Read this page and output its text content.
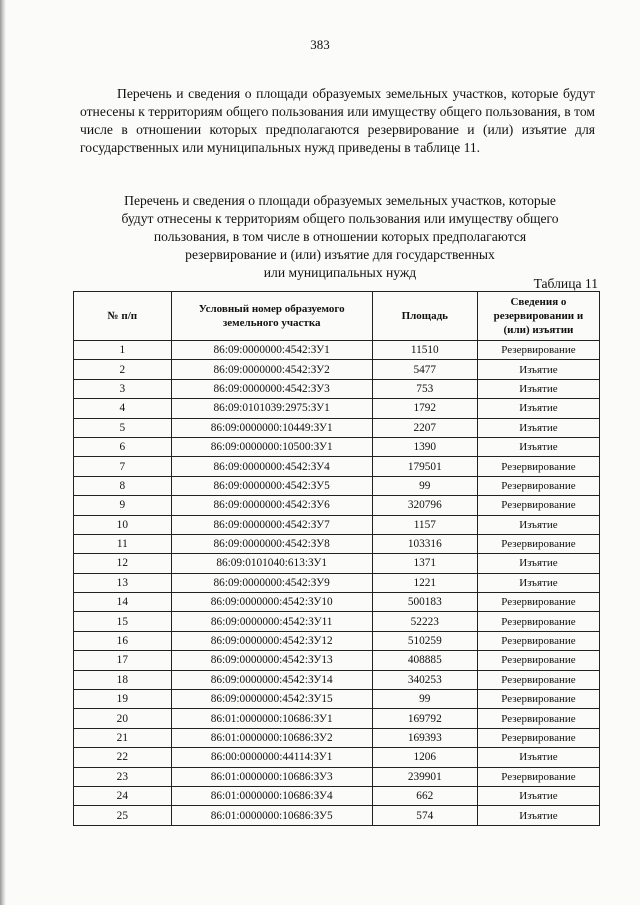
383

Перечень и сведения о площади образуемых земельных участков, которые будут отнесены к территориям общего пользования или имуществу общего пользования, в том числе в отношении которых предполагаются резервирование и (или) изъятие для государственных или муниципальных нужд приведены в таблице 11.

Перечень и сведения о площади образуемых земельных участков, которые
будут отнесены к территориям общего пользования или имуществу общего
пользования, в том числе в отношении которых предполагаются
резервирование и (или) изъятие для государственных
или муниципальных нужд
Таблица 11
№ п/п	Условный номер образуемого земельного участка	Площадь	Сведения о резервировании и (или) изъятии
1	86:09:0000000:4542:ЗУ1	11510	Резервирование
2	86:09:0000000:4542:ЗУ2	5477	Изъятие
3	86:09:0000000:4542:ЗУ3	753	Изъятие
4	86:09:0101039:2975:ЗУ1	1792	Изъятие
5	86:09:0000000:10449:ЗУ1	2207	Изъятие
6	86:09:0000000:10500:ЗУ1	1390	Изъятие
7	86:09:0000000:4542:ЗУ4	179501	Резервирование
8	86:09:0000000:4542:ЗУ5	99	Резервирование
9	86:09:0000000:4542:ЗУ6	320796	Резервирование
10	86:09:0000000:4542:ЗУ7	1157	Изъятие
11	86:09:0000000:4542:ЗУ8	103316	Резервирование
12	86:09:0101040:613:ЗУ1	1371	Изъятие
13	86:09:0000000:4542:ЗУ9	1221	Изъятие
14	86:09:0000000:4542:ЗУ10	500183	Резервирование
15	86:09:0000000:4542:ЗУ11	52223	Резервирование
16	86:09:0000000:4542:ЗУ12	510259	Резервирование
17	86:09:0000000:4542:ЗУ13	408885	Резервирование
18	86:09:0000000:4542:ЗУ14	340253	Резервирование
19	86:09:0000000:4542:ЗУ15	99	Резервирование
20	86:01:0000000:10686:ЗУ1	169792	Резервирование
21	86:01:0000000:10686:ЗУ2	169393	Резервирование
22	86:00:0000000:44114:ЗУ1	1206	Изъятие
23	86:01:0000000:10686:ЗУ3	239901	Резервирование
24	86:01:0000000:10686:ЗУ4	662	Изъятие
25	86:01:0000000:10686:ЗУ5	574	Изъятие
